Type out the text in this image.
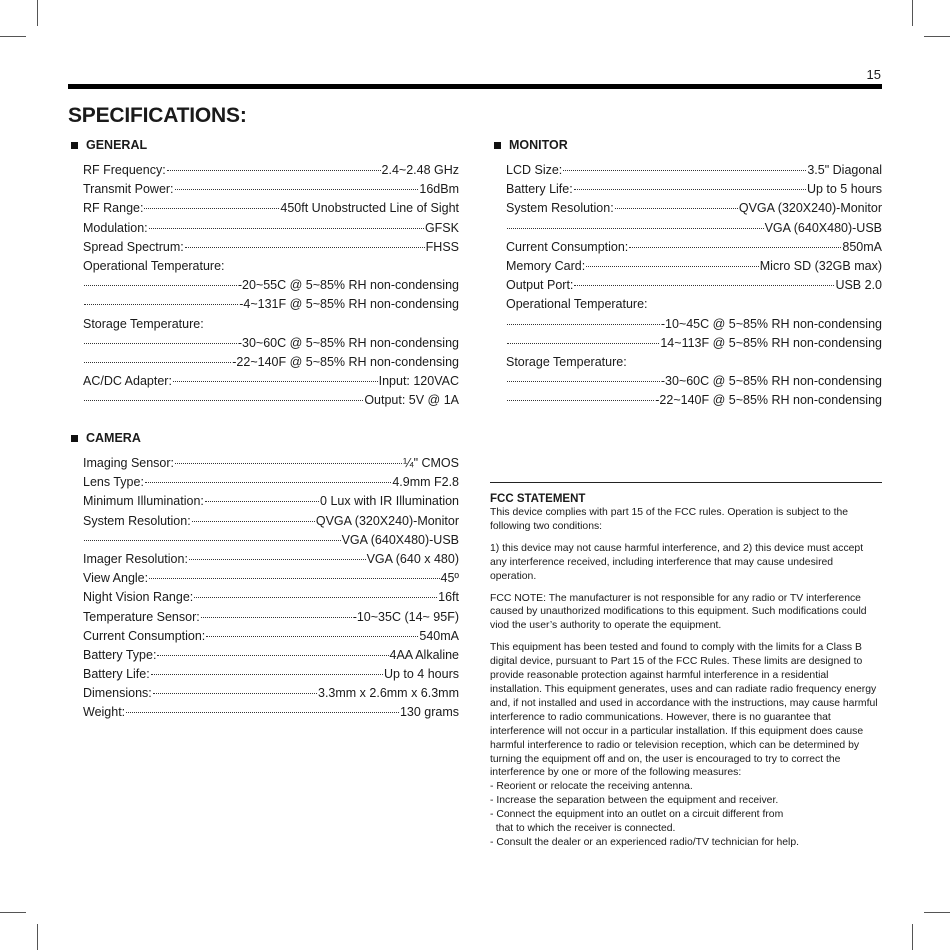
15
SPECIFICATIONS:
GENERAL
RF Frequency:	2.4~2.48 GHz
Transmit Power:	16dBm
RF Range:	450ft Unobstructed Line of Sight
Modulation:	GFSK
Spread Spectrum:	FHSS
Operational Temperature:
-20~55C @ 5~85% RH non-condensing
-4~131F @ 5~85% RH non-condensing
Storage Temperature:
-30~60C @ 5~85% RH non-condensing
-22~140F @ 5~85% RH non-condensing
AC/DC Adapter:	Input: 120VAC
Output: 5V @ 1A
CAMERA
Imaging Sensor:	¼" CMOS
Lens Type:	4.9mm F2.8
Minimum Illumination:	0 Lux with IR Illumination
System Resolution:	QVGA (320X240)-Monitor
VGA (640X480)-USB
Imager Resolution:	VGA (640 x 480)
View Angle:	45º
Night Vision Range:	16ft
Temperature Sensor:	-10~35C (14~ 95F)
Current Consumption:	540mA
Battery Type:	4AA Alkaline
Battery Life:	Up to 4 hours
Dimensions:	3.3mm x 2.6mm x 6.3mm
Weight:	130 grams
MONITOR
LCD Size:	3.5" Diagonal
Battery Life:	Up to 5 hours
System Resolution:	QVGA (320X240)-Monitor
VGA (640X480)-USB
Current Consumption:	850mA
Memory Card:	Micro SD (32GB max)
Output Port:	USB 2.0
Operational Temperature:
-10~45C @ 5~85% RH non-condensing
14~113F @ 5~85% RH non-condensing
Storage Temperature:
-30~60C @ 5~85% RH non-condensing
-22~140F @ 5~85% RH non-condensing
FCC STATEMENT

This device complies with part 15 of the FCC rules. Operation is subject to the following two conditions:

1) this device may not cause harmful interference, and 2) this device must accept any interference received, including interference that may cause undesired operation.

FCC NOTE: The manufacturer is not responsible for any radio or TV interference caused by unauthorized modifications to this equipment. Such modifications could viod the user’s authority to operate the equipment.

This equipment has been tested and found to comply with the limits for a Class B digital device, pursuant to Part 15 of the FCC Rules. These limits are designed to provide reasonable protection against harmful interference in a residential installation. This equipment generates, uses and can radiate radio frequency energy and, if not installed and used in accordance with the instructions, may cause harmful interference to radio communications. However, there is no guarantee that interference will not occur in a particular installation. If this equipment does cause harmful interference to radio or television reception, which can be determined by turning the equipment off and on, the user is encouraged to try to correct the interference by one or more of the following measures:

- Reorient or relocate the receiving antenna.
- Increase the separation between the equipment and receiver.
- Connect the equipment into an outlet on a circuit different from
that to which the receiver is connected.
- Consult the dealer or an experienced radio/TV technician for help.
